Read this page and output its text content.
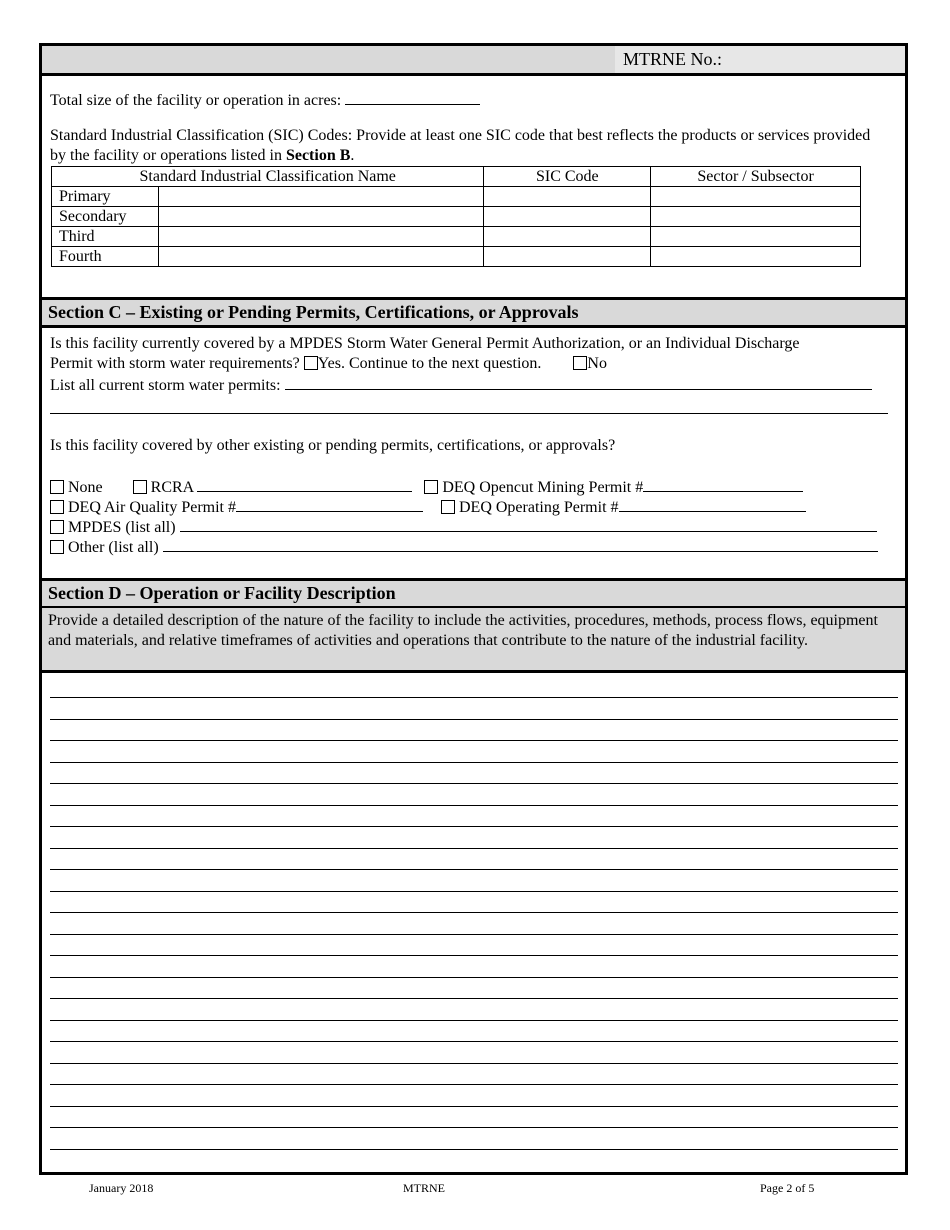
MTRNE No.:
Total size of the facility or operation in acres:
Standard Industrial Classification (SIC) Codes: Provide at least one SIC code that best reflects the products or services provided by the facility or operations listed in Section B.
Standard Industrial Classification Name		SIC Code	Sector / Subsector
Primary			
Secondary			
Third			
Fourth			
Section C – Existing or Pending Permits, Certifications, or Approvals
Is this facility currently covered by a MPDES Storm Water General Permit Authorization, or an Individual Discharge
Permit with storm water requirements? Yes. Continue to the next question.	No
List all current storm water permits:
Is this facility covered by other existing or pending permits, certifications, or approvals?
None	RCRA	DEQ Opencut Mining Permit #
DEQ Air Quality Permit #	DEQ Operating Permit #
MPDES (list all)
Other (list all)
Section D – Operation or Facility Description
Provide a detailed description of the nature of the facility to include the activities, procedures, methods, process flows, equipment and materials, and relative timeframes of activities and operations that contribute to the nature of the industrial facility.
January 2018	MTRNE	Page 2 of 5
